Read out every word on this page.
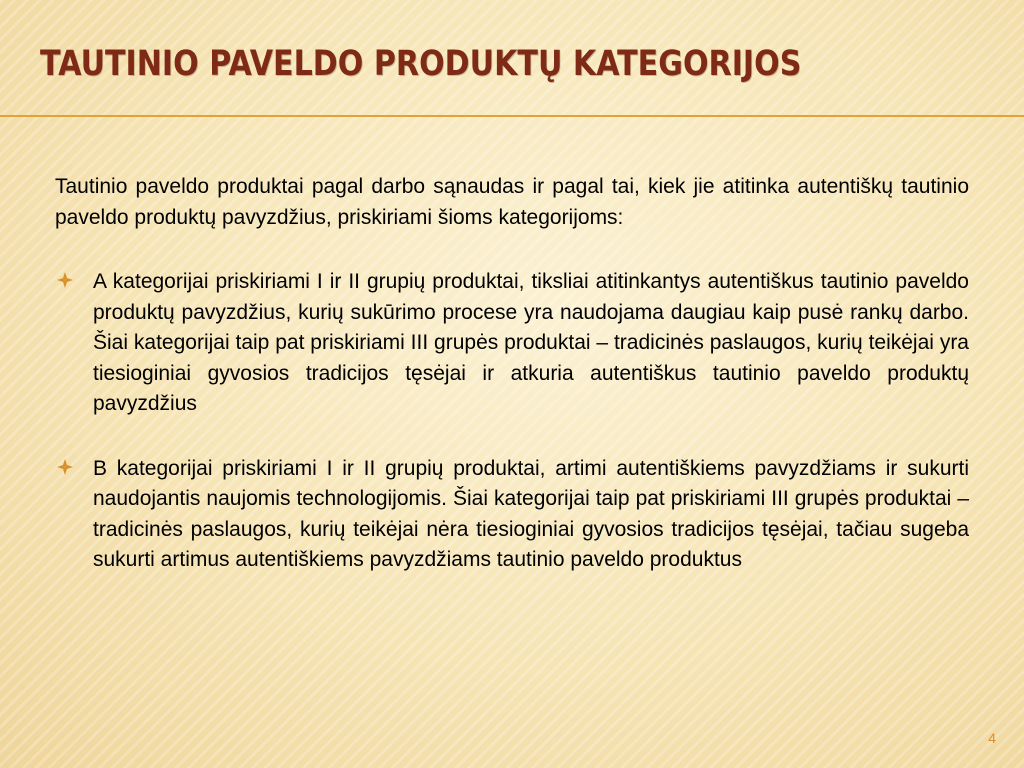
TAUTINIO PAVELDO PRODUKTŲ KATEGORIJOS

Tautinio paveldo produktai pagal darbo sąnaudas ir pagal tai, kiek jie atitinka autentiškų tautinio paveldo produktų pavyzdžius, priskiriami šioms kategorijoms:

A kategorijai priskiriami I ir II grupių produktai, tiksliai atitinkantys autentiškus tautinio paveldo produktų pavyzdžius, kurių sukūrimo procese yra naudojama daugiau kaip pusė rankų darbo. Šiai kategorijai taip pat priskiriami III grupės produktai – tradicinės paslaugos, kurių teikėjai yra tiesioginiai gyvosios tradicijos tęsėjai ir atkuria autentiškus tautinio paveldo produktų pavyzdžius
B kategorijai priskiriami I ir II grupių produktai, artimi autentiškiems pavyzdžiams ir sukurti naudojantis naujomis technologijomis. Šiai kategorijai taip pat priskiriami III grupės produktai – tradicinės paslaugos, kurių teikėjai nėra tiesioginiai gyvosios tradicijos tęsėjai, tačiau sugeba sukurti artimus autentiškiems pavyzdžiams tautinio paveldo produktus
4
